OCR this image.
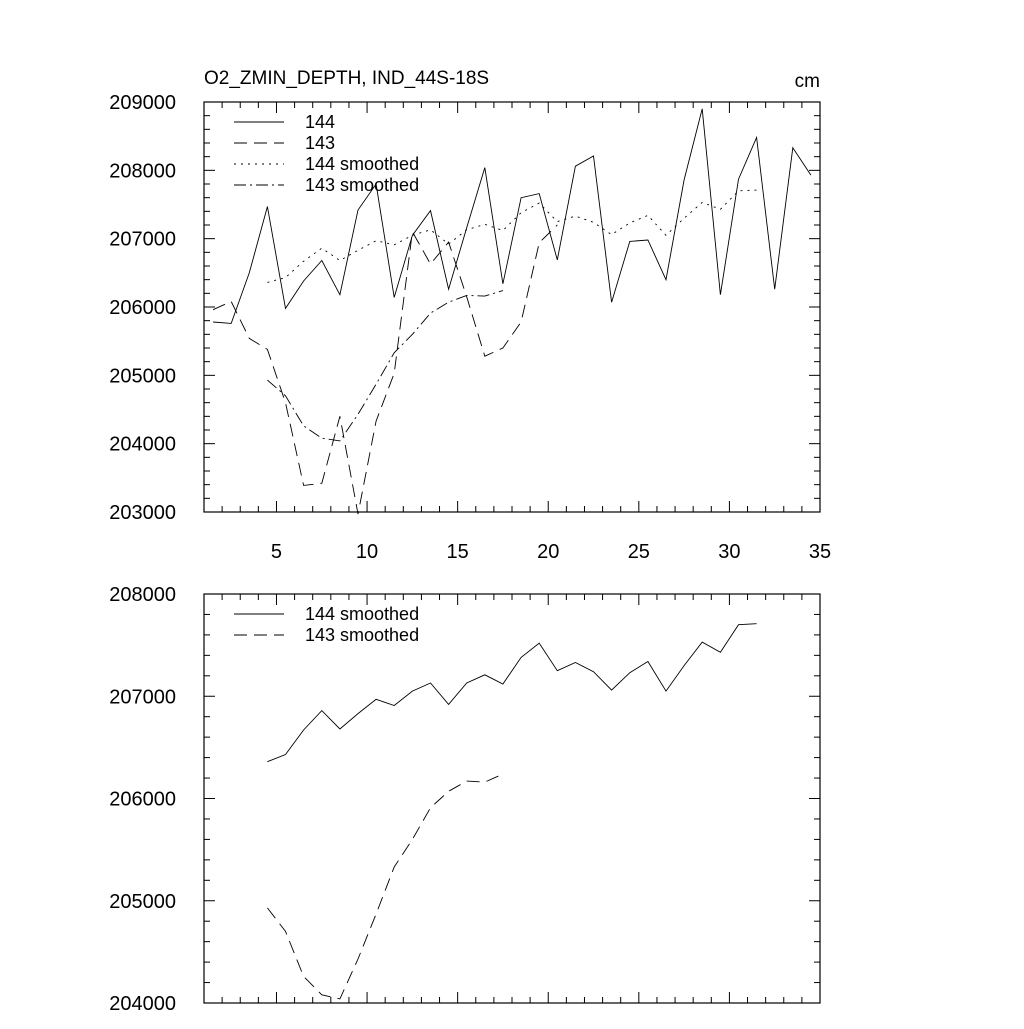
O2_ZMIN_DEPTH, IND_44S-18S	cm
5	10	15	20	25	30	35
203000
204000
205000
206000
207000
208000
209000
144
143
144 smoothed
143 smoothed
204000
205000
206000
207000
208000
144 smoothed
143 smoothed
